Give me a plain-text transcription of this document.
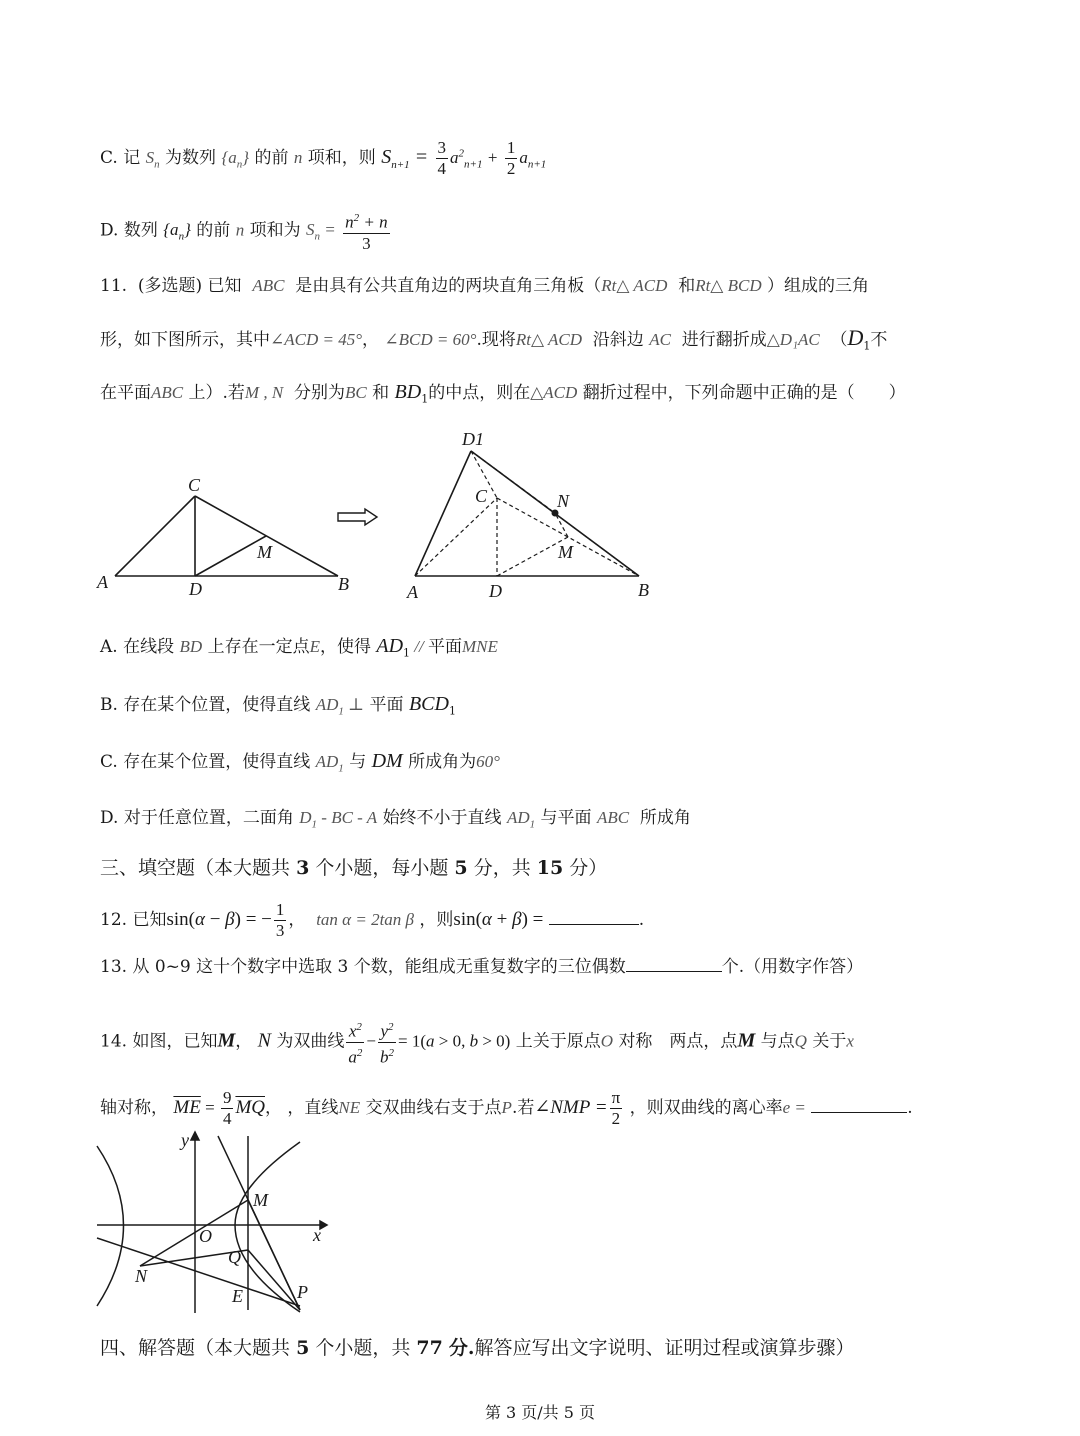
C. 记 $S_n$ 为数列 $\{a_n\}$ 的前 n 项和，则 $S_{n+1} = \frac{3}{4} a^2_{n+1} + \frac{1}{2} a_{n+1}$
D. 数列 $\{a_n\}$ 的前 n 项和为 $S_n = \frac{n^2 + n}{3}$
11. (多选题) 已知 ABC 是由具有公共直角边的两块直角三角板（Rt△ ACD 和Rt△ BCD ）组成的三角
形，如下图所示，其中∠ACD = 45°， ∠BCD = 60°.现将Rt△ ACD 沿斜边 AC 进行翻折成△D₁AC （$D_1$不
在平面ABC 上）.若M , N 分别为BC 和 $BD_1$的中点，则在△ACD 翻折过程中，下列命题中正确的是（　　）
C
M
A	D	B
D1
C	N
M
A	D	B
A. 在线段 BD 上存在一定点E，使得 $AD_1$ // 平面MNE
B. 存在某个位置，使得直线 $AD_1$ ⊥ 平面 $BCD_1$
C. 存在某个位置，使得直线 $AD_1$ 与 DM 所成角为60°
D. 对于任意位置，二面角 $D_1$ - BC - A 始终不小于直线 $AD_1$ 与平面 ABC 所成角
三、填空题（本大题共 3 个小题，每小题 5 分，共 15 分）
12. 已知sin(α − β) = − $\frac{1}{3}$ ， tan α = 2tan β ，则sin(α + β) =	.
13. 从 0~9 这十个数字中选取 3 个数，能组成无重复数字的三位偶数	个.（用数字作答）
14. 如图，已知M， N 为双曲线 $\frac{x^2}{a^2} - \frac{y^2}{b^2} = 1(a > 0$, b > 0) 上关于原点O 对称　两点，点M 与点Q 关于x
轴对称， $\overline{ME} = \frac{9}{4} \overline{MQ}$， ，直线NE 交双曲线右支于点P.若∠NMP = $\frac{\pi}{2}$ ，则双曲线的离心率e =	.
y
M
O	x
N
Q
E	P
四、解答题（本大题共 5 个小题，共 77 分.解答应写出文字说明、证明过程或演算步骤）
第 3 页/共 5 页
